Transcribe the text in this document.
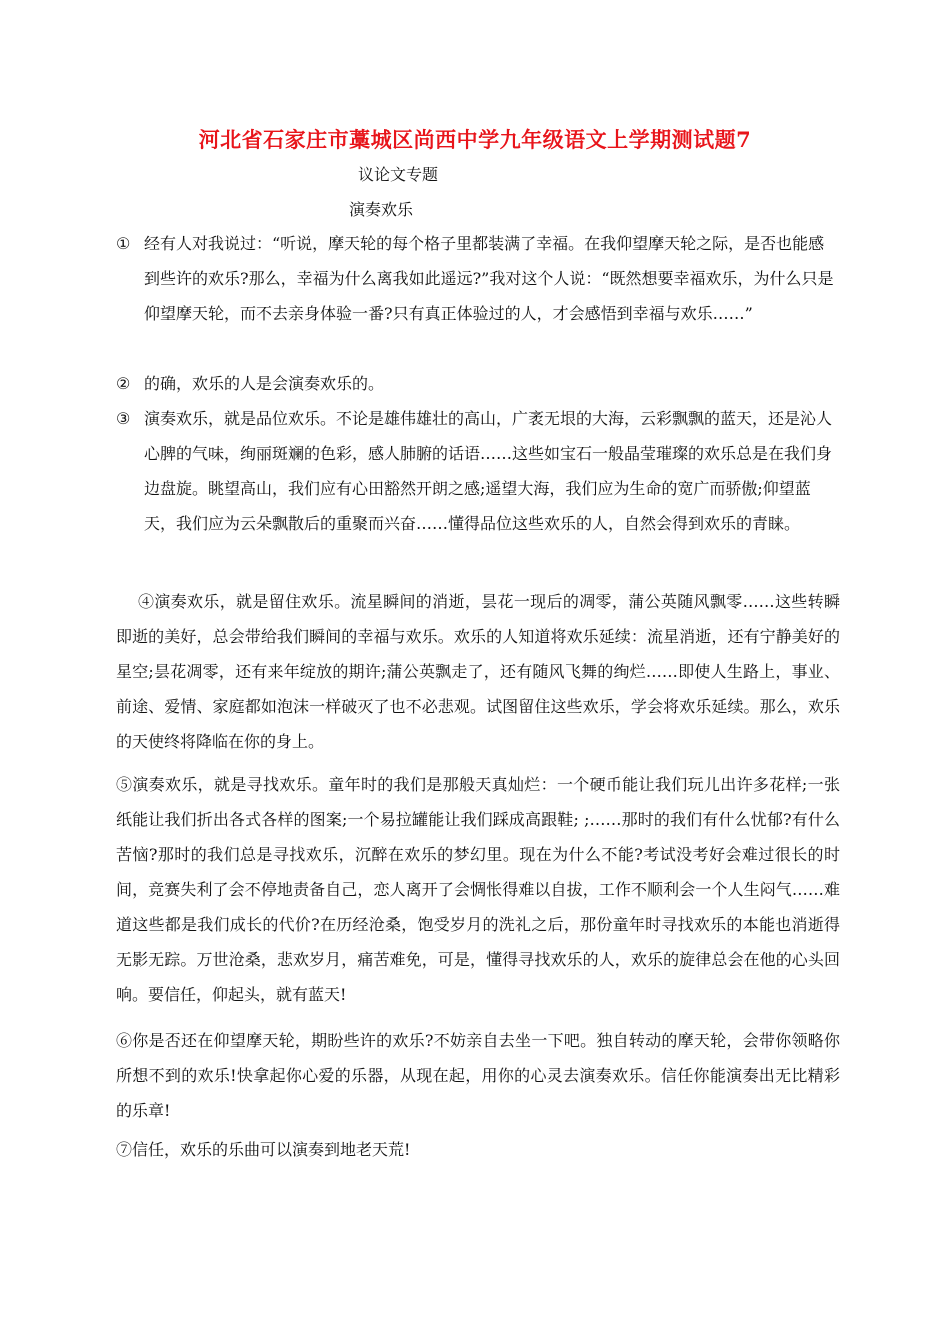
河北省石家庄市藁城区尚西中学九年级语文上学期测试题7
议论文专题
演奏欢乐
① 经有人对我说过：“听说，摩天轮的每个格子里都装满了幸福。在我仰望摩天轮之际，是否也能感到些许的欢乐?那么，幸福为什么离我如此遥远?”我对这个人说：“既然想要幸福欢乐，为什么只是仰望摩天轮，而不去亲身体验一番?只有真正体验过的人，才会感悟到幸福与欢乐……”
② 的确，欢乐的人是会演奏欢乐的。
③ 演奏欢乐，就是品位欢乐。不论是雄伟雄壮的高山，广袤无垠的大海，云彩飘飘的蓝天，还是沁人心脾的气味，绚丽斑斓的色彩，感人肺腑的话语……这些如宝石一般晶莹璀璨的欢乐总是在我们身边盘旋。眺望高山，我们应有心田豁然开朗之感;遥望大海，我们应为生命的宽广而骄傲;仰望蓝天，我们应为云朵飘散后的重聚而兴奋……懂得品位这些欢乐的人，自然会得到欢乐的青睐。

④演奏欢乐，就是留住欢乐。流星瞬间的消逝，昙花一现后的凋零，蒲公英随风飘零……这些转瞬即逝的美好，总会带给我们瞬间的幸福与欢乐。欢乐的人知道将欢乐延续：流星消逝，还有宁静美好的星空;昙花凋零，还有来年绽放的期许;蒲公英飘走了，还有随风飞舞的绚烂……即使人生路上，事业、前途、爱情、家庭都如泡沫一样破灭了也不必悲观。试图留住这些欢乐，学会将欢乐延续。那么，欢乐的天使终将降临在你的身上。

⑤演奏欢乐，就是寻找欢乐。童年时的我们是那般天真灿烂：一个硬币能让我们玩儿出许多花样;一张纸能让我们折出各式各样的图案;一个易拉罐能让我们踩成高跟鞋; ;……那时的我们有什么忧郁?有什么苦恼?那时的我们总是寻找欢乐，沉醉在欢乐的梦幻里。现在为什么不能?考试没考好会难过很长的时间，竞赛失利了会不停地责备自己，恋人离开了会惆怅得难以自拔，工作不顺利会一个人生闷气……难道这些都是我们成长的代价?在历经沧桑，饱受岁月的洗礼之后，那份童年时寻找欢乐的本能也消逝得无影无踪。万世沧桑，悲欢岁月，痛苦难免，可是，懂得寻找欢乐的人，欢乐的旋律总会在他的心头回响。要信任，仰起头，就有蓝天!

⑥你是否还在仰望摩天轮，期盼些许的欢乐?不妨亲自去坐一下吧。独自转动的摩天轮，会带你领略你所想不到的欢乐!快拿起你心爱的乐器，从现在起，用你的心灵去演奏欢乐。信任你能演奏出无比精彩的乐章!

⑦信任，欢乐的乐曲可以演奏到地老天荒!
